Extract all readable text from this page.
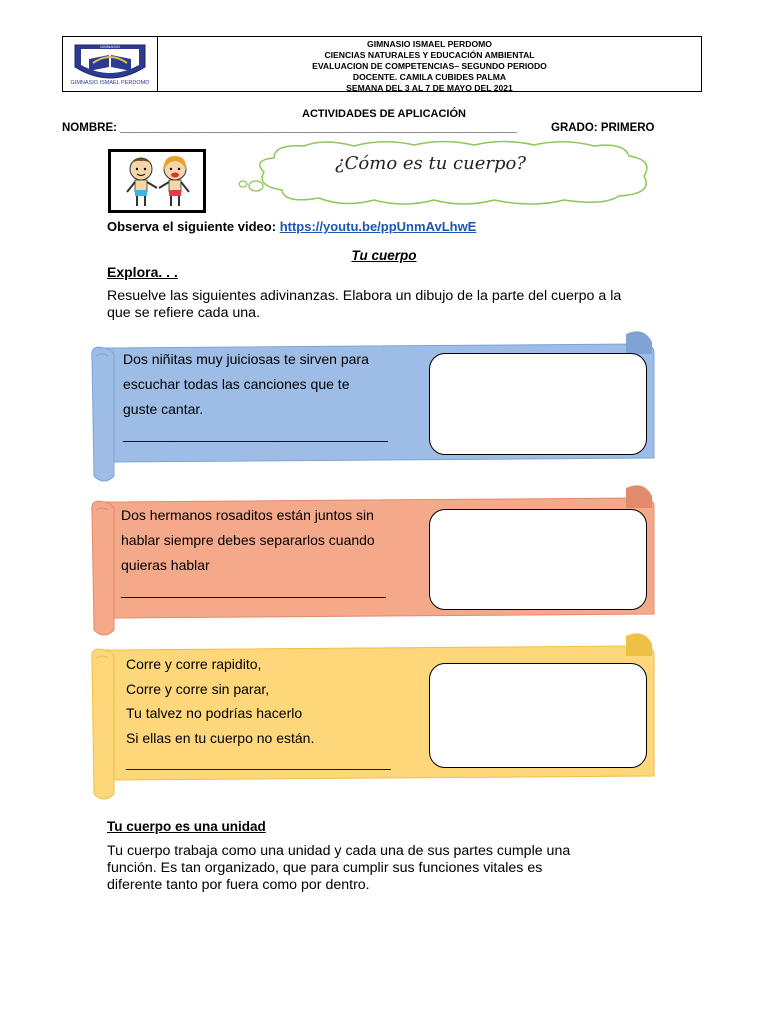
GIMNASIO
GIMNASIO ISMAEL PERDOMO
GIMNASIO ISMAEL PERDOMO
CIENCIAS NATURALES Y EDUCACIÓN AMBIENTAL
EVALUACION DE COMPETENCIAS– SEGUNDO PERIODO
DOCENTE. CAMILA CUBIDES PALMA
SEMANA DEL 3 AL 7 DE MAYO DEL 2021
ACTIVIDADES DE APLICACIÓN
NOMBRE: ______________________________________________________________	GRADO: PRIMERO
¿Cómo es tu cuerpo?
Observa el siguiente video: https://youtu.be/ppUnmAvLhwE
Tu cuerpo
Explora. . .
Resuelve las siguientes adivinanzas. Elabora un dibujo de la parte del cuerpo a la que se refiere cada una.
Dos niñitas muy juiciosas te sirven para
escuchar todas las canciones que te
guste cantar.
__________________________________
Dos hermanos rosaditos están juntos sin
hablar siempre debes separarlos cuando
quieras hablar
__________________________________
Corre y corre rapidito,
Corre y corre sin parar,
Tu talvez no podrías hacerlo
Si ellas en tu cuerpo no están.
__________________________________
Tu cuerpo es una unidad
Tu cuerpo trabaja como una unidad y cada una de sus partes cumple una
función. Es tan organizado, que para cumplir sus funciones vitales es
diferente tanto por fuera como por dentro.
